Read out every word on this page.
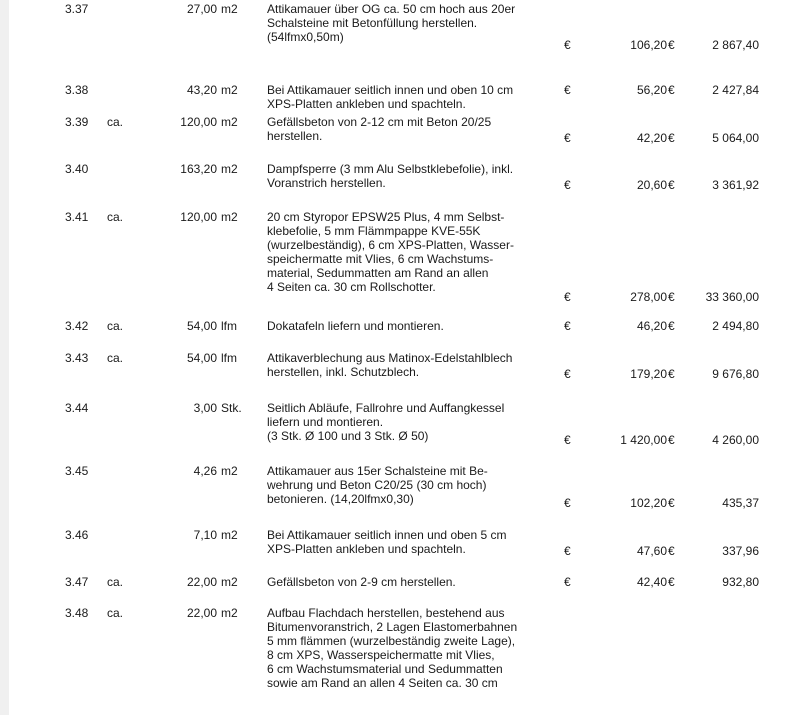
3.37	27,00 m2 Attikamauer über OG ca. 50 cm hoch aus 20er
Schalsteine mit Betonfüllung herstellen.
(54lfmx0,50m)
€	106,20 €	2 867,40
3.38	43,20 m2 Bei Attikamauer seitlich innen und oben 10 cm
XPS-Platten ankleben und spachteln.
€	56,20 €	2 427,84
3.39 ca.	120,00 m2 Gefällsbeton von 2-12 cm mit Beton 20/25
herstellen.	€	42,20 €	5 064,00
3.40	163,20 m2 Dampfsperre (3 mm Alu Selbstklebefolie), inkl.
Voranstrich herstellen.	€	20,60 €	3 361,92
3.41 ca.	120,00 m2 20 cm Styropor EPSW25 Plus, 4 mm Selbst-
klebefolie, 5 mm Flämmpappe KVE-55K
(wurzelbeständig), 6 cm XPS-Platten, Wasser-
speichermatte mit Vlies, 6 cm Wachstums-
material, Sedummatten am Rand an allen
4 Seiten ca. 30 cm Rollschotter.
€	278,00 €	33 360,00
3.42 ca.	54,00 lfm	Dokatafeln liefern und montieren.	€	46,20 €	2 494,80
3.43 ca.	54,00 lfm	Attikaverblechung aus Matinox-Edelstahlblech
herstellen, inkl. Schutzblech.	€	179,20 €	9 676,80
3.44	3,00 Stk. Seitlich Abläufe, Fallrohre und Auffangkessel
liefern und montieren.
(3 Stk. Ø 100 und 3 Stk. Ø 50)	€	1 420,00 €	4 260,00
3.45	4,26 m2 Attikamauer aus 15er Schalsteine mit Be-
wehrung und Beton C20/25 (30 cm hoch)
betonieren. (14,20lfmx0,30)	€	102,20 €	435,37
3.46	7,10 m2 Bei Attikamauer seitlich innen und oben 5 cm
XPS-Platten ankleben und spachteln.	€	47,60 €	337,96
3.47 ca.	22,00 m2 Gefällsbeton von 2-9 cm herstellen.	€	42,40 €	932,80
3.48 ca.	22,00 m2 Aufbau Flachdach herstellen, bestehend aus
Bitumenvoranstrich, 2 Lagen Elastomerbahnen
5 mm flämmen (wurzelbeständig zweite Lage),
8 cm XPS, Wasserspeichermatte mit Vlies,
6 cm Wachstumsmaterial und Sedummatten
sowie am Rand an allen 4 Seiten ca. 30 cm
